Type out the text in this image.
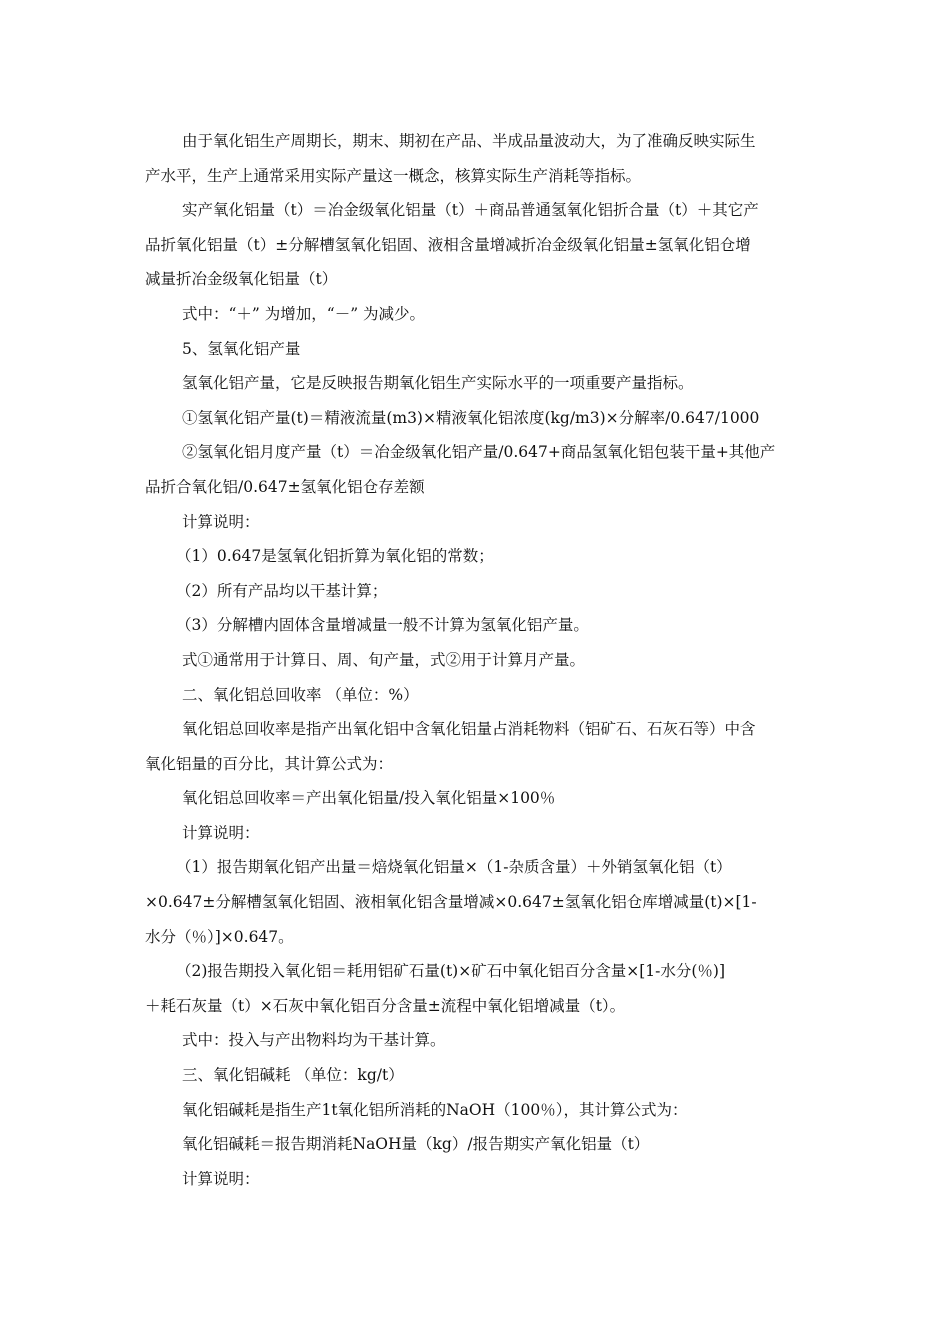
由于氧化铝生产周期长，期末、期初在产品、半成品量波动大，为了准确反映实际生
产水平，生产上通常采用实际产量这一概念，核算实际生产消耗等指标。
实产氧化铝量（t）＝冶金级氧化铝量（t）＋商品普通氢氧化铝折合量（t）＋其它产
品折氧化铝量（t）±分解槽氢氧化铝固、液相含量增减折冶金级氧化铝量±氢氧化铝仓增
减量折冶金级氧化铝量（t）
式中：“＋” 为增加，“－” 为减少。
5、氢氧化铝产量
氢氧化铝产量，它是反映报告期氧化铝生产实际水平的一项重要产量指标。
①氢氧化铝产量(t)＝精液流量(m3)×精液氧化铝浓度(kg/m3)×分解率/0.647/1000
②氢氧化铝月度产量（t）＝冶金级氧化铝产量/0.647+商品氢氧化铝包装干量+其他产
品折合氧化铝/0.647±氢氧化铝仓存差额
计算说明：
（1）0.647是氢氧化铝折算为氧化铝的常数；
（2）所有产品均以干基计算；
（3）分解槽内固体含量增减量一般不计算为氢氧化铝产量。
式①通常用于计算日、周、旬产量，式②用于计算月产量。
二、氧化铝总回收率 （单位：%）
氧化铝总回收率是指产出氧化铝中含氧化铝量占消耗物料（铝矿石、石灰石等）中含
氧化铝量的百分比，其计算公式为：
氧化铝总回收率＝产出氧化铝量/投入氧化铝量×100％
计算说明：
（1）报告期氧化铝产出量＝焙烧氧化铝量×（1-杂质含量）＋外销氢氧化铝（t）
×0.647±分解槽氢氧化铝固、液相氧化铝含量增减×0.647±氢氧化铝仓库增减量(t)×[1-
水分（％）]×0.647。
（2)报告期投入氧化铝＝耗用铝矿石量(t)×矿石中氧化铝百分含量×[1-水分(％)]
＋耗石灰量（t）×石灰中氧化铝百分含量±流程中氧化铝增减量（t）。
式中：投入与产出物料均为干基计算。
三、氧化铝碱耗 （单位：kg/t）
氧化铝碱耗是指生产1t氧化铝所消耗的NaOH（100％），其计算公式为：
氧化铝碱耗＝报告期消耗NaOH量（kg）/报告期实产氧化铝量（t）
计算说明：
